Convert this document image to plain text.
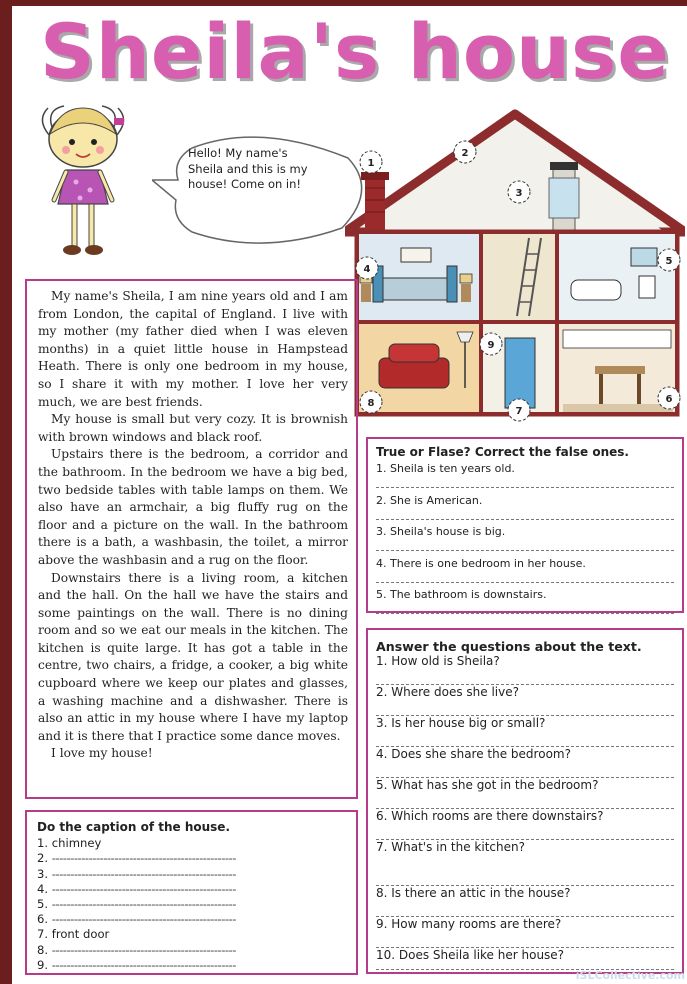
Sheila's house
Hello! My name's Sheila and this is my house! Come on in!
1
2
3
4
5
6
7
8
9

My name's Sheila, I am nine years old and I am from London, the capital of England. I live with my mother (my father died when I was eleven months) in a quiet little house in Hampstead Heath. There is only one bedroom in my house, so I share it with my mother. I love her very much, we are best friends.

My house is small but very cozy. It is brownish with brown windows and black roof.

Upstairs there is the bedroom, a corridor and the bathroom. In the bedroom we have a big bed, two bedside tables with table lamps on them. We also have an armchair, a big fluffy rug on the floor and a picture on the wall. In the bathroom there is a bath, a washbasin, the toilet, a mirror above the washbasin and a rug on the floor.

Downstairs there is a living room, a kitchen and the hall. On the hall we have the stairs and some paintings on the wall. There is no dining room and so we eat our meals in the kitchen. The kitchen is quite large. It has got a table in the centre, two chairs, a fridge, a cooker, a big white cupboard where we keep our plates and glasses, a washing machine and a dishwasher. There is also an attic in my house where I have my laptop and it is there that I practice some dance moves.

I love my house!

Do the caption of the house.
1. chimney
2. --------------------------------------------------
3. --------------------------------------------------
4. --------------------------------------------------
5. --------------------------------------------------
6. --------------------------------------------------
7. front door
8. --------------------------------------------------
9. --------------------------------------------------
True or Flase? Correct the false ones.
1. Sheila is ten years old.
2. She is American.
3. Sheila's house is big.
4. There is one bedroom in her house.
5. The bathroom is downstairs.
Answer the questions about the text.
1. How old is Sheila?
2. Where does she live?
3. Is her house big or small?
4. Does she share the bedroom?
5. What has she got in the bedroom?
6. Which rooms are there downstairs?
7. What's in the kitchen?
8. Is there an attic in the house?
9. How many rooms are there?
10. Does Sheila like her house?
iSLCollective.com
